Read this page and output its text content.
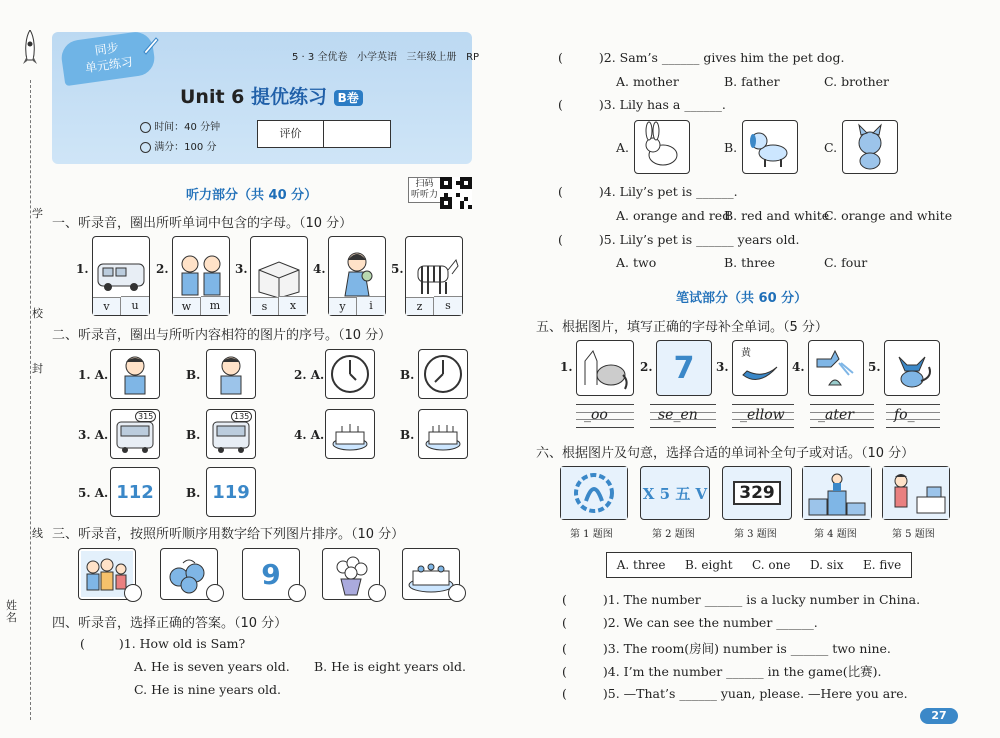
学
校
封
线
姓名
同步
单元练习	5 · 3 全优卷 小学英语 三年级上册 RP
Unit 6 提优练习 B卷
时间：40 分钟
满分：100 分
评价
听力部分（共 40 分）
扫码
听听力
一、听录音，圈出所听单词中包含的字母。（10 分）
1.
v	u
2.
w	m
3.
s	x
4.
y	i
5.
z	s
二、听录音，圈出与所听内容相符的图片的序号。（10 分）
1. A.	B.	2. A.	B.
3. A.
315
B.
135
4. A.	B.
5. A. 112	B. 119
三、听录音，按照所听顺序用数字给下列图片排序。（10 分）
9
四、听录音，选择正确的答案。（10 分）
(	)1. How old is Sam?
A. He is seven years old. B. He is eight years old.
C. He is nine years old.
(	)2. Sam’s ______ gives him the pet dog.
A. mother	B. father	C. brother
(	)3. Lily has a ______.
A.	B.	C.
(	)4. Lily’s pet is ______.
A. orange and red
B. red and white
C. orange and white
(	)5. Lily’s pet is ______ years old.
A. two	B. three	C. four
笔试部分（共 60 分）
五、根据图片，填写正确的字母补全单词。（5 分）
1.	2. 7 3.
黄
4.	5.
_oo	se_en	_ellow _ater	fo_
六、根据图片及句意，选择合适的单词补全句子或对话。（10 分）
X 5 五 V	329
第 1 题图	第 2 题图	第 3 题图	第 4 题图	第 5 题图
A. three B. eight C. one D. six E. five
(	)1. The number ______ is a lucky number in China.
(	)2. We can see the number ______.
(	)3. The room(房间) number is ______ two nine.
(	)4. I’m the number ______ in the game(比赛).
(	)5. —That’s ______ yuan, please. —Here you are.
27
